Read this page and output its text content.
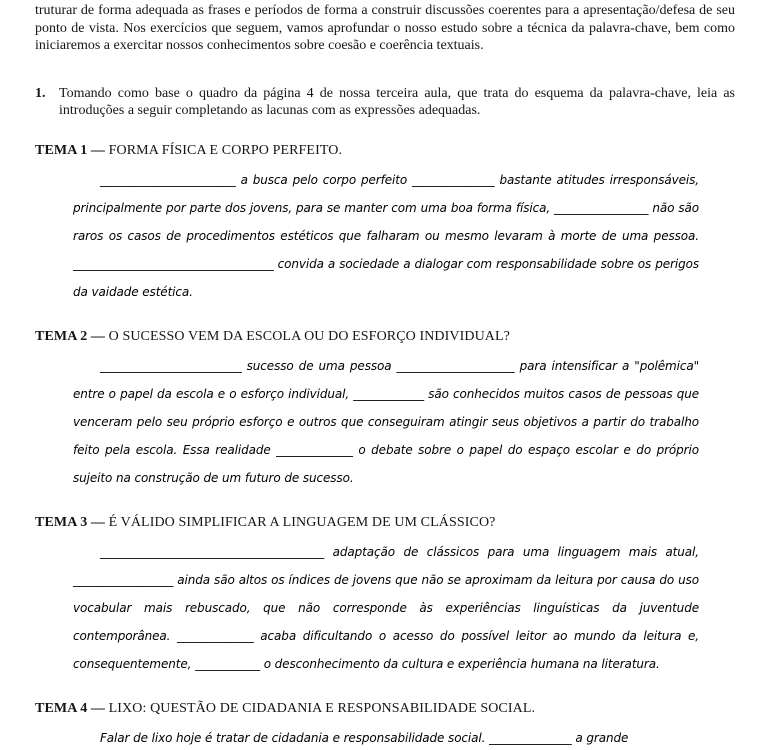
truturar de forma adequada as frases e períodos de forma a construir discussões coerentes para a apresentação/defesa de seu ponto de vista. Nos exercícios que seguem, vamos aprofundar o nosso estudo sobre a técnica da palavra-chave, bem como iniciaremos a exercitar nossos conhecimentos sobre coesão e coerência textuais.

1. Tomando como base o quadro da página 4 de nossa terceira aula, que trata do esquema da palavra-chave, leia as introduções a seguir completando as lacunas com as expressões adequadas.
TEMA 1 — FORMA FÍSICA E CORPO PERFEITO.

_______________________ a busca pelo corpo perfeito ______________ bastante atitudes irresponsáveis, principalmente por parte dos jovens, para se manter com uma boa forma física, ________________ não são raros os casos de procedimentos estéticos que falharam ou mesmo levaram à morte de uma pessoa. __________________________________ convida a sociedade a dialogar com responsabilidade sobre os perigos da vaidade estética.

TEMA 2 — O SUCESSO VEM DA ESCOLA OU DO ESFORÇO INDIVIDUAL?

________________________ sucesso de uma pessoa ____________________ para intensificar a "polêmica" entre o papel da escola e o esforço individual, ____________ são conhecidos muitos casos de pessoas que venceram pelo seu próprio esforço e outros que conseguiram atingir seus objetivos a partir do trabalho feito pela escola. Essa realidade _____________ o debate sobre o papel do espaço escolar e do próprio sujeito na construção de um futuro de sucesso.

TEMA 3 — É VÁLIDO SIMPLIFICAR A LINGUAGEM DE UM CLÁSSICO?

______________________________________ adaptação de clássicos para uma linguagem mais atual, _________________ ainda são altos os índices de jovens que não se aproximam da leitura por causa do uso vocabular mais rebuscado, que não corresponde às experiências linguísticas da juventude contemporânea. _____________ acaba dificultando o acesso do possível leitor ao mundo da leitura e, consequentemente, ___________ o desconhecimento da cultura e experiência humana na literatura.

TEMA 4 — LIXO: QUESTÃO DE CIDADANIA E RESPONSABILIDADE SOCIAL.

Falar de lixo hoje é tratar de cidadania e responsabilidade social. ______________ a grande
